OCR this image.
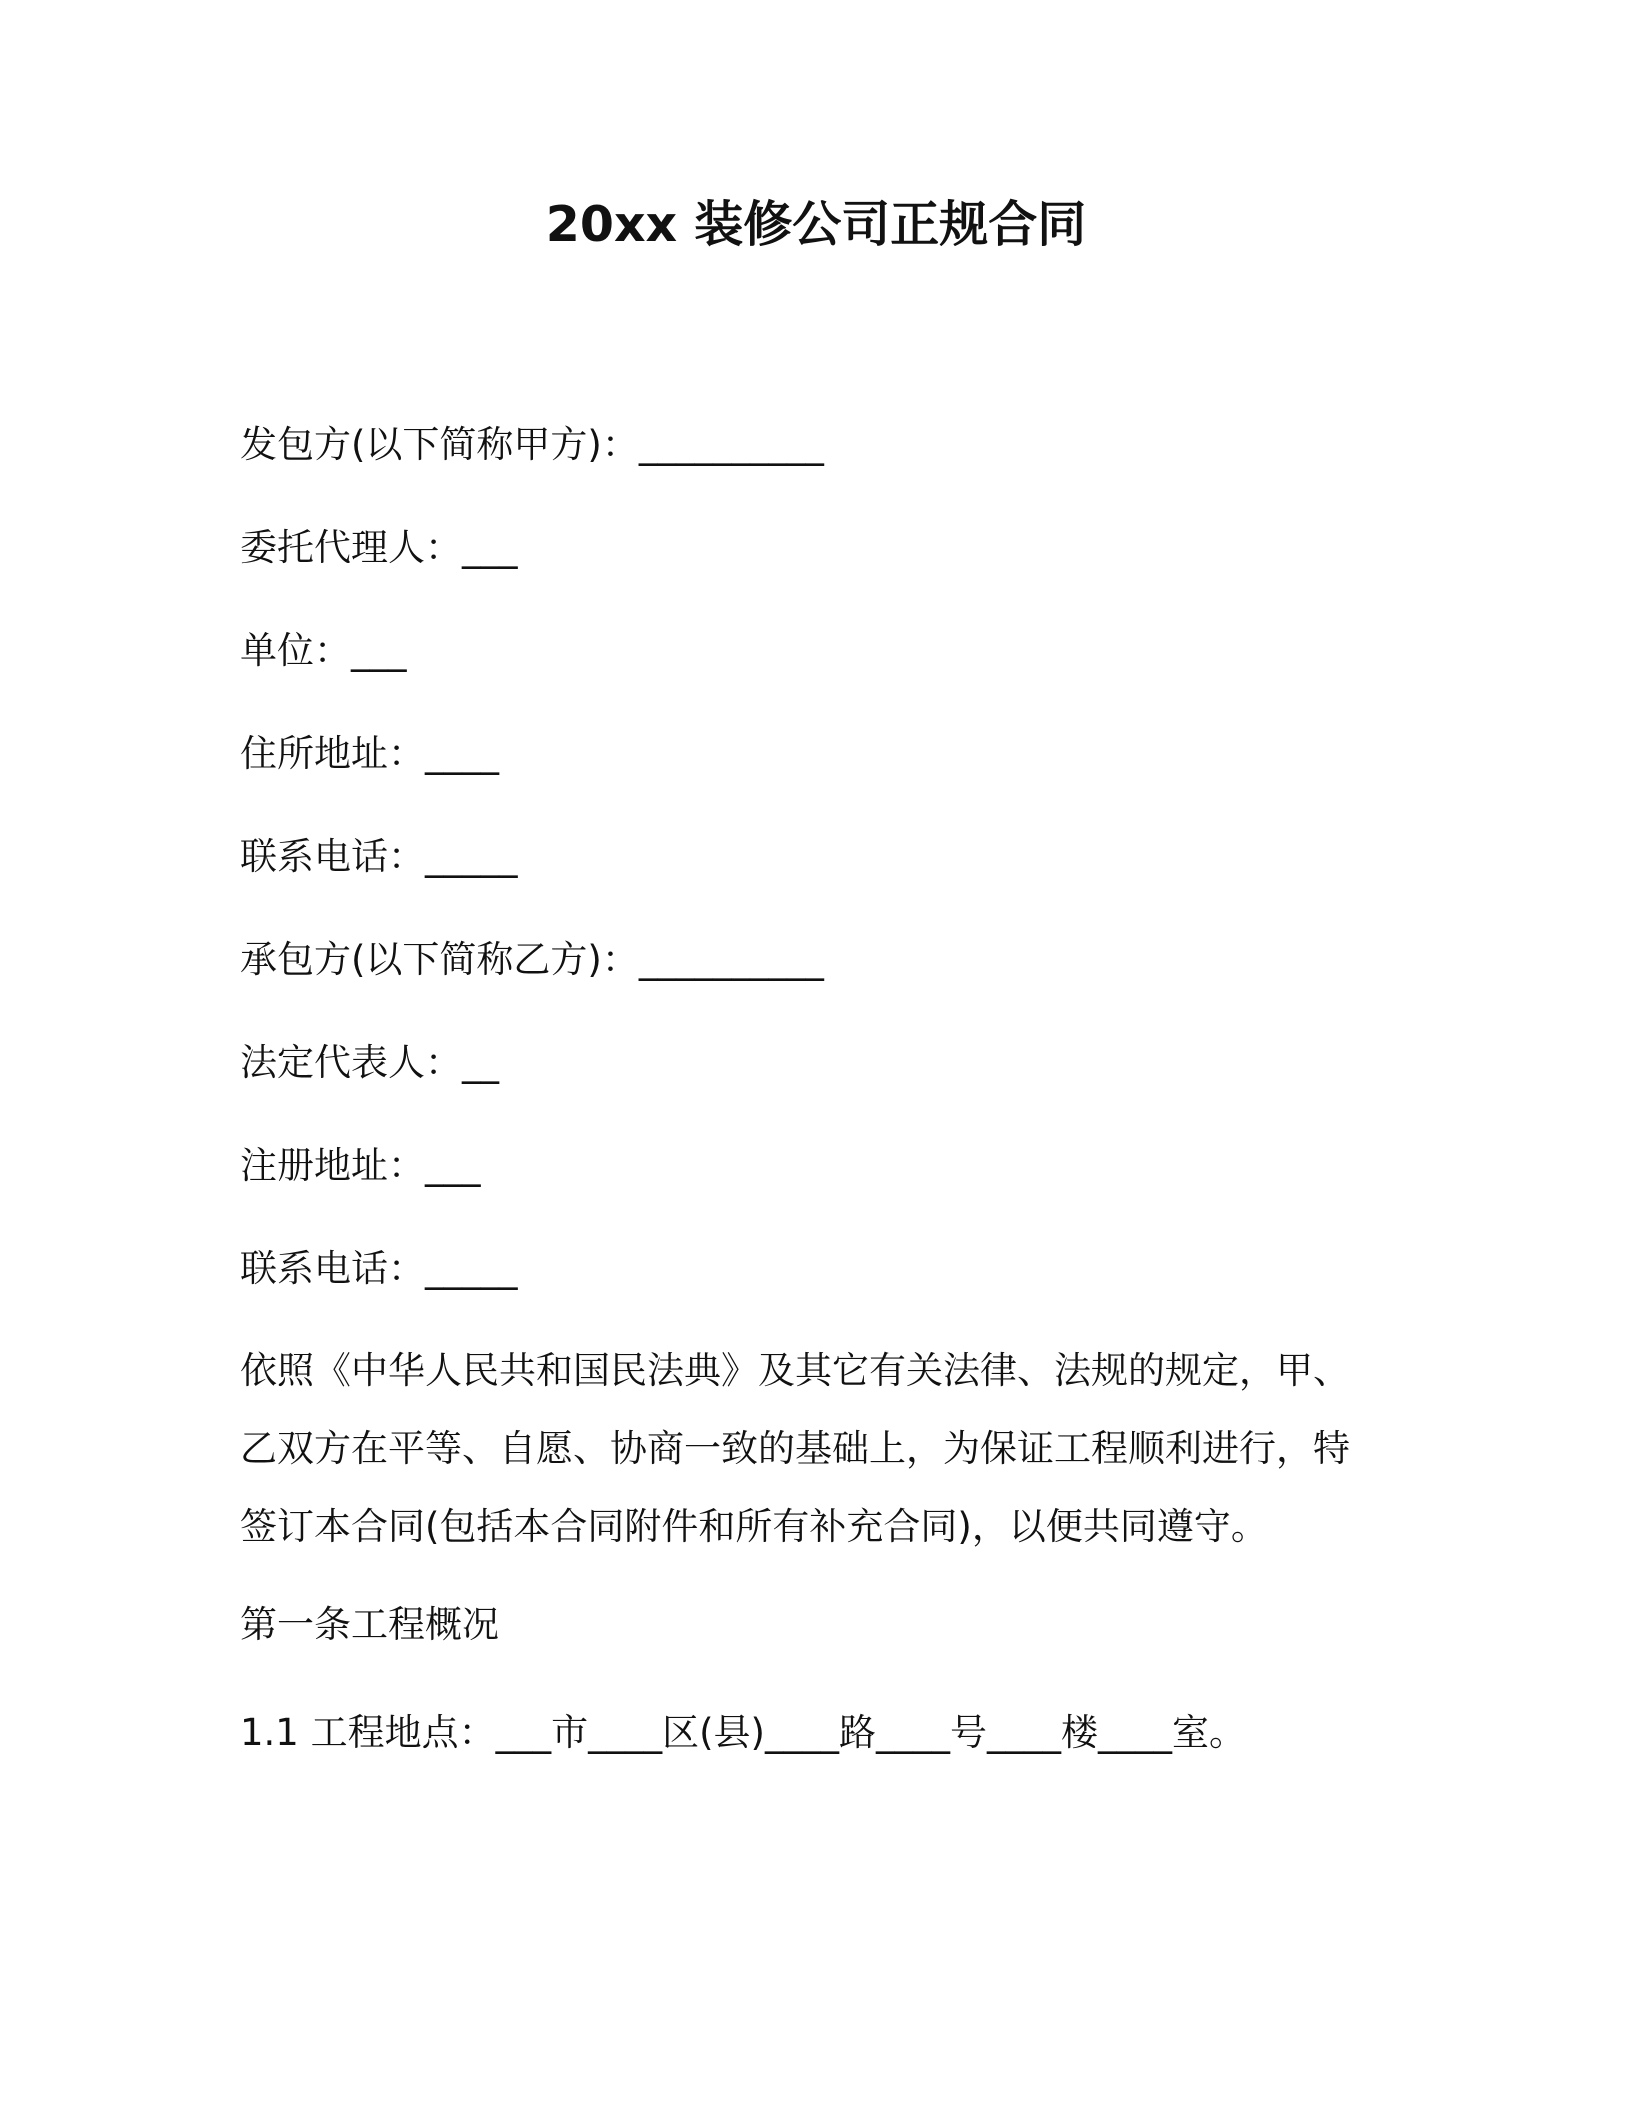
20xx 装修公司正规合同
发包方(以下简称甲方)：__________
委托代理人：___
单位：___
住所地址：____
联系电话：_____
承包方(以下简称乙方)：__________
法定代表人：__
注册地址：___
联系电话：_____
依照《中华人民共和国民法典》及其它有关法律、法规的规定，甲、
乙双方在平等、自愿、协商一致的基础上，为保证工程顺利进行，特
签订本合同(包括本合同附件和所有补充合同)，以便共同遵守。
第一条工程概况
1.1 工程地点：___市____区(县)____路____号____楼____室。
